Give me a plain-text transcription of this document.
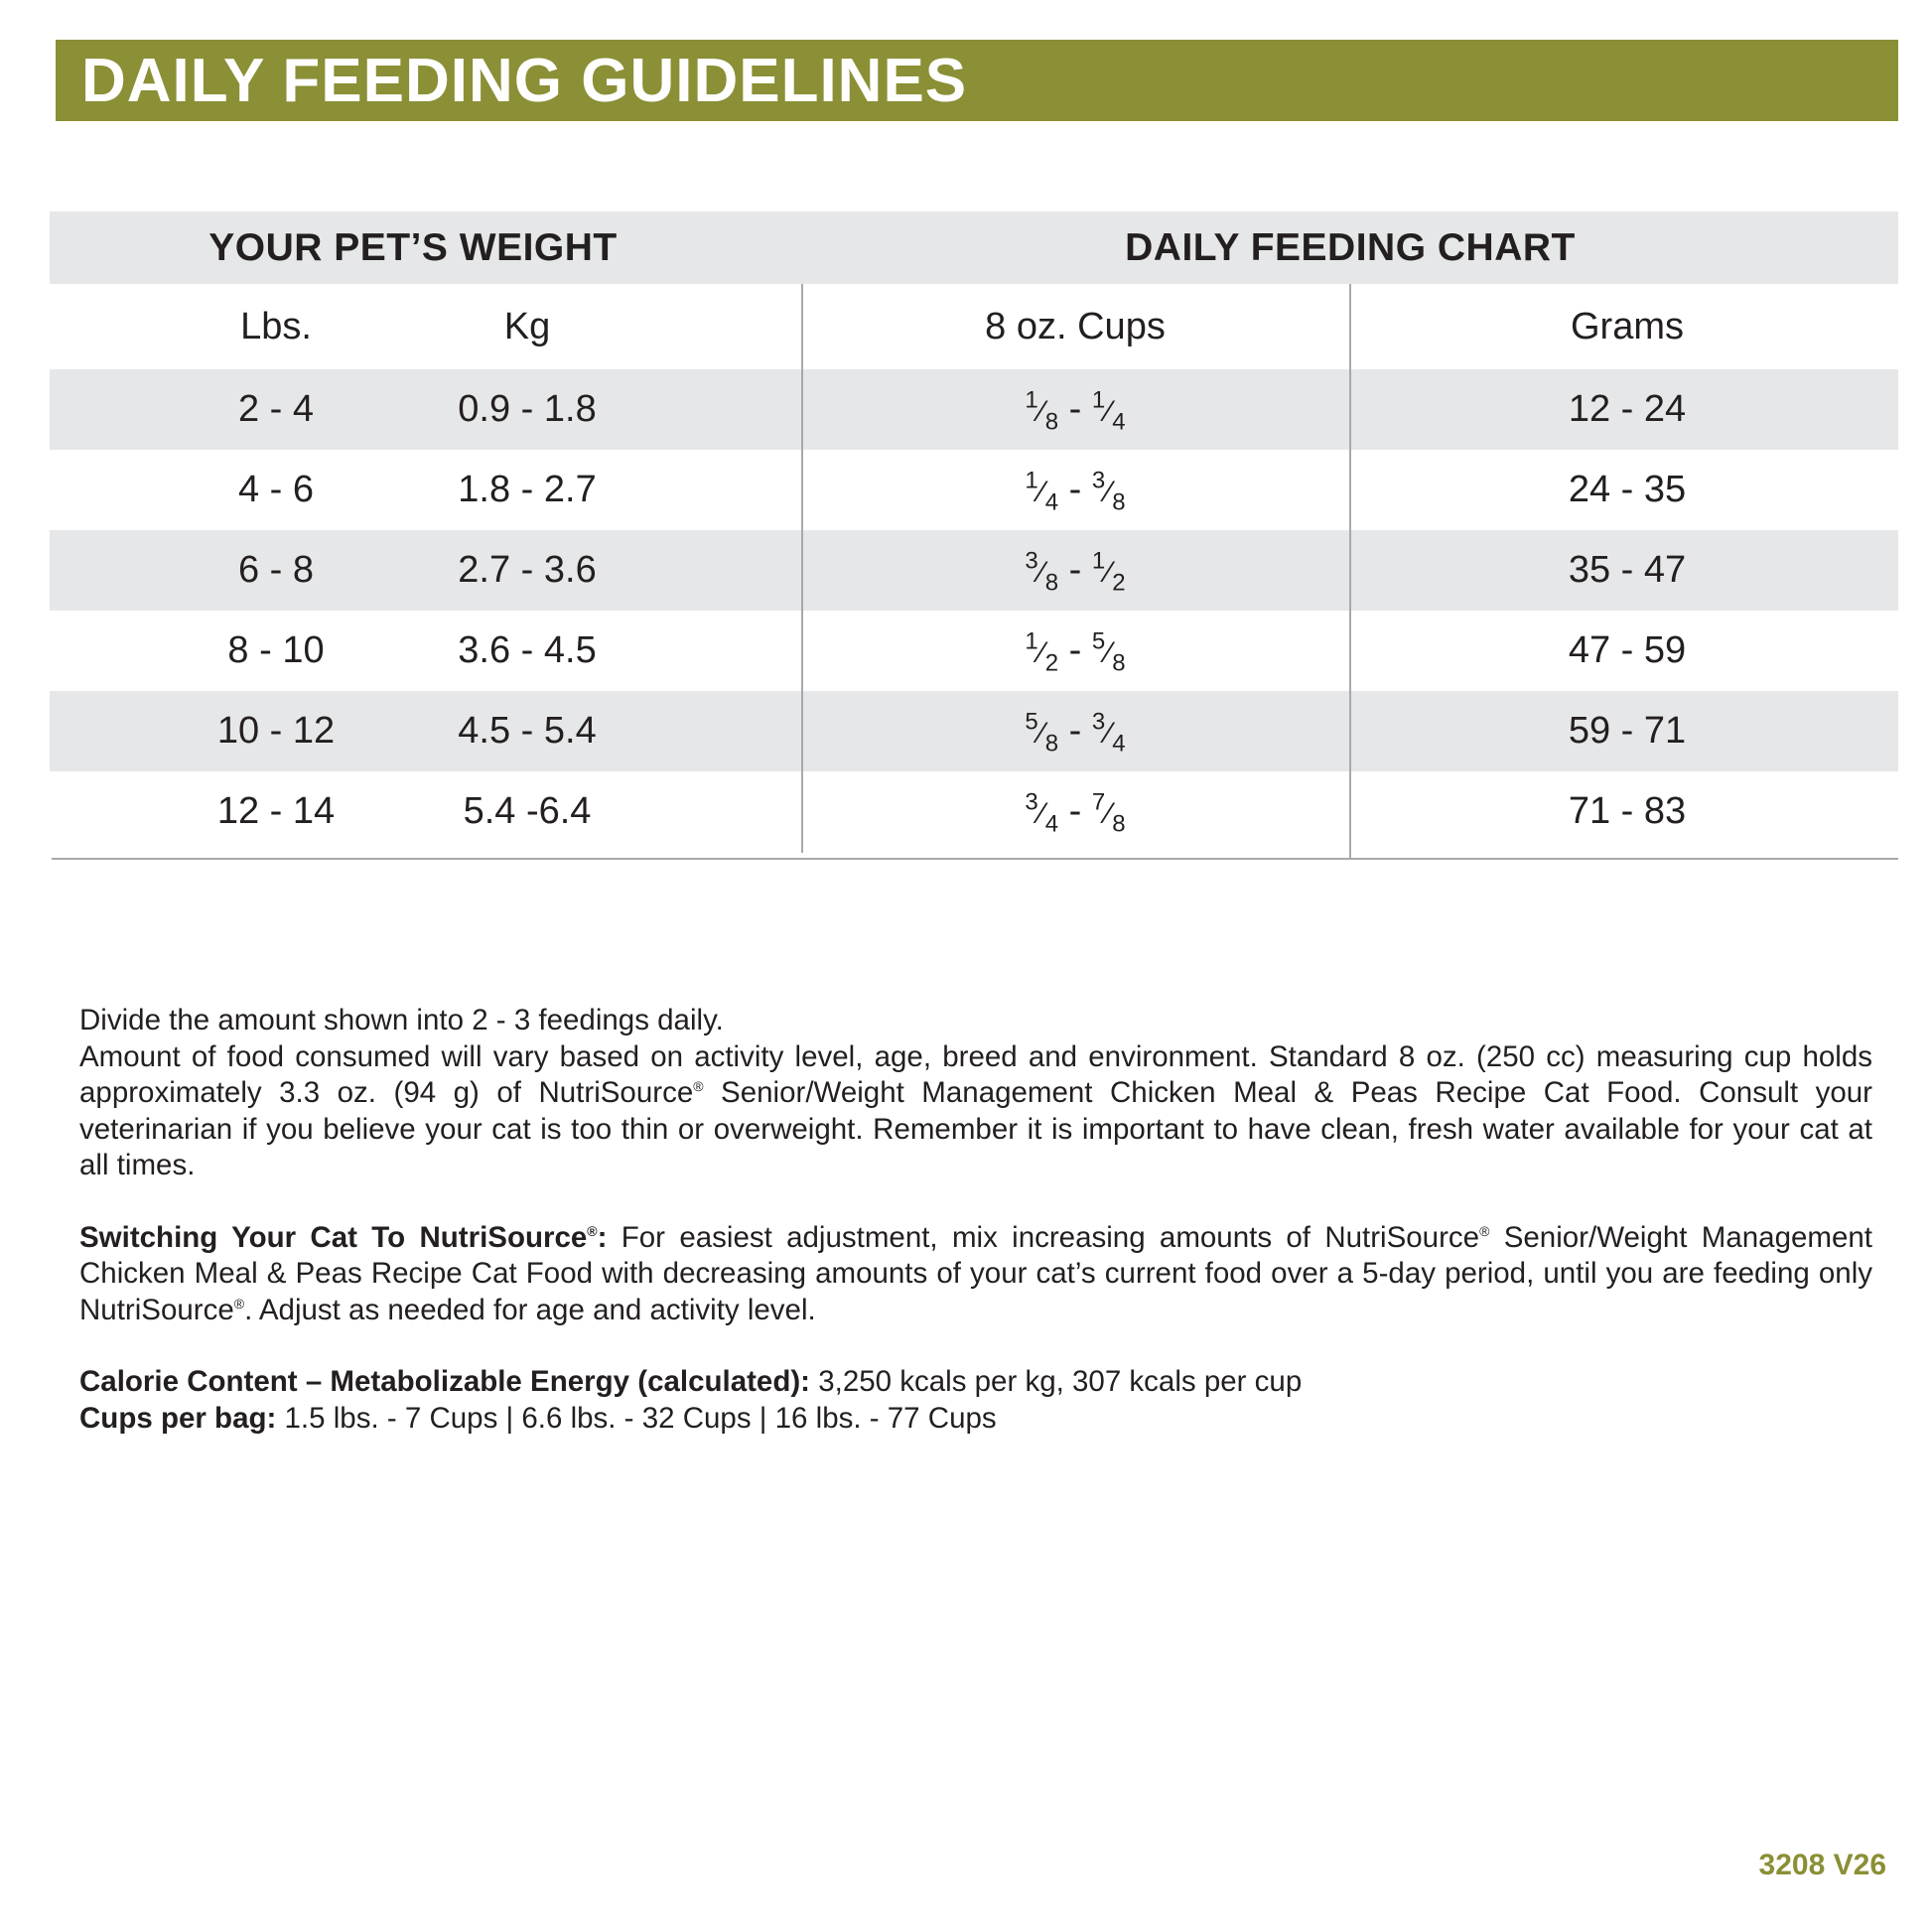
DAILY FEEDING GUIDELINES
YOUR PET’S WEIGHT	DAILY FEEDING CHART
Lbs.	Kg	8 oz. Cups	Grams
2 - 4	0.9 - 1.8	$^1⁄_8$ - $^1⁄_4$	12 - 24
4 - 6	1.8 - 2.7	$^1⁄_4$ - $^3⁄_8$	24 - 35
6 - 8	2.7 - 3.6	$^3⁄_8$ - $^1⁄_2$	35 - 47
8 - 10	3.6 - 4.5	$^1⁄_2$ - $^5⁄_8$	47 - 59
10 - 12	4.5 - 5.4	$^5⁄_8$ - $^3⁄_4$	59 - 71
12 - 14	5.4 -6.4	$^3⁄_4$ - $^7⁄_8$	71 - 83

Divide the amount shown into 2 - 3 feedings daily.

Amount of food consumed will vary based on activity level, age, breed and environment. Standard 8 oz. (250 cc) measuring cup holds approximately 3.3 oz. (94 g) of NutriSource® Senior/Weight Management Chicken Meal & Peas Recipe Cat Food. Consult your veterinarian if you believe your cat is too thin or overweight. Remember it is important to have clean, fresh water available for your cat at all times.

Switching Your Cat To NutriSource®: For easiest adjustment, mix increasing amounts of NutriSource® Senior/Weight Management Chicken Meal & Peas Recipe Cat Food with decreasing amounts of your cat’s current food over a 5-day period, until you are feeding only NutriSource®. Adjust as needed for age and activity level.

Calorie Content – Metabolizable Energy (calculated): 3,250 kcals per kg, 307 kcals per cup

Cups per bag: 1.5 lbs. - 7 Cups | 6.6 lbs. - 32 Cups | 16 lbs. - 77 Cups

3208 V26
